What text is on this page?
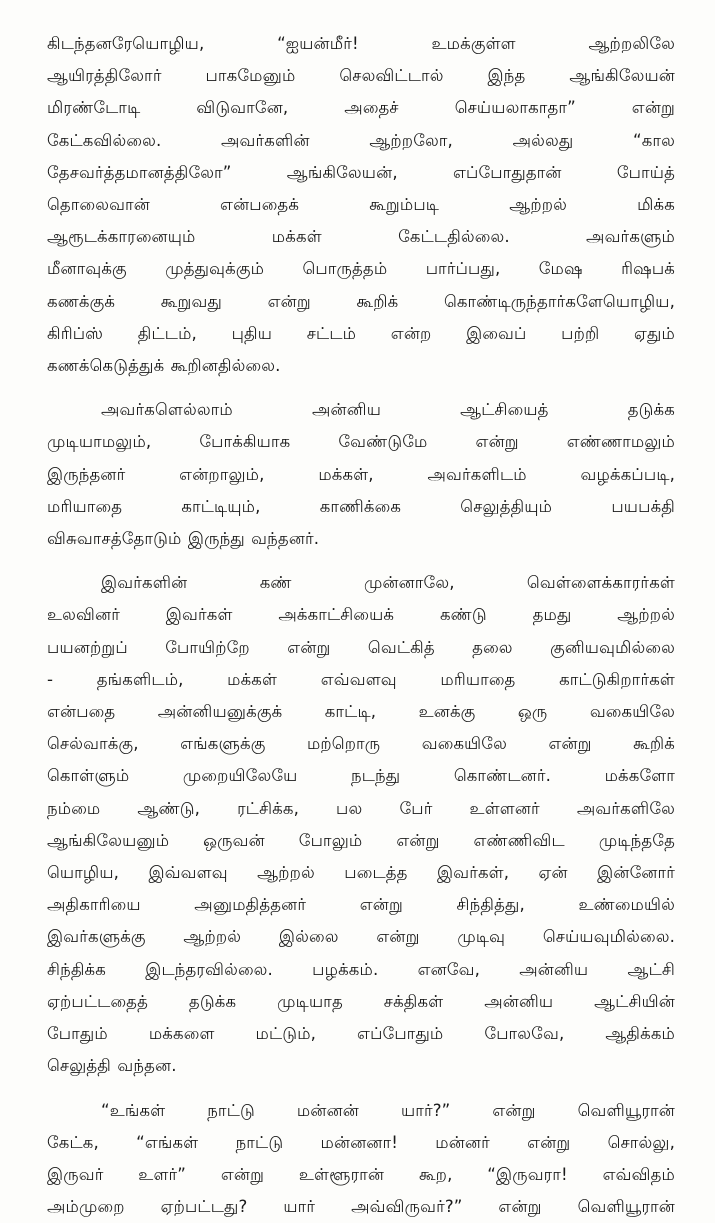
கிடந்தனரேயொழிய, “ஐயன்மீர்! உமக்குள்ள ஆற்றலிலே
ஆயிரத்திலோர் பாகமேனும் செலவிட்டால் இந்த ஆங்கிலேயன்
மிரண்டோடி விடுவானே, அதைச் செய்யலாகாதா” என்று
கேட்கவில்லை. அவர்களின் ஆற்றலோ, அல்லது “கால
தேசவர்த்தமானத்திலோ” ஆங்கிலேயன், எப்போதுதான் போய்த்
தொலைவான் என்பதைக் கூறும்படி ஆற்றல் மிக்க
ஆரூடக்காரனையும் மக்கள் கேட்டதில்லை. அவர்களும்
மீனாவுக்கு முத்துவுக்கும் பொருத்தம் பார்ப்பது, மேஷ ரிஷபக்
கணக்குக் கூறுவது என்று கூறிக் கொண்டிருந்தார்களேயொழிய,
கிரிப்ஸ் திட்டம், புதிய சட்டம் என்ற இவைப் பற்றி ஏதும்
கணக்கெடுத்துக் கூறினதில்லை.

அவர்களெல்லாம் அன்னிய ஆட்சியைத் தடுக்க
முடியாமலும், போக்கியாக வேண்டுமே என்று எண்ணாமலும்
இருந்தனர் என்றாலும், மக்கள், அவர்களிடம் வழக்கப்படி,
மரியாதை காட்டியும், காணிக்கை செலுத்தியும் பயபக்தி
விசுவாசத்தோடும் இருந்து வந்தனர்.

இவர்களின் கண் முன்னாலே, வெள்ளைக்காரர்கள்
உலவினர் இவர்கள் அக்காட்சியைக் கண்டு தமது ஆற்றல்
பயனற்றுப் போயிற்றே என்று வெட்கித் தலை குனியவுமில்லை
- தங்களிடம், மக்கள் எவ்வளவு மரியாதை காட்டுகிறார்கள்
என்பதை அன்னியனுக்குக் காட்டி, உனக்கு ஒரு வகையிலே
செல்வாக்கு, எங்களுக்கு மற்றொரு வகையிலே என்று கூறிக்
கொள்ளும் முறையிலேயே நடந்து கொண்டனர். மக்களோ
நம்மை ஆண்டு, ரட்சிக்க, பல பேர் உள்ளனர் அவர்களிலே
ஆங்கிலேயனும் ஒருவன் போலும் என்று எண்ணிவிட முடிந்ததே
யொழிய, இவ்வளவு ஆற்றல் படைத்த இவர்கள், ஏன் இன்னோர்
அதிகாரியை அனுமதித்தனர் என்று சிந்தித்து, உண்மையில்
இவர்களுக்கு ஆற்றல் இல்லை என்று முடிவு செய்யவுமில்லை.
சிந்திக்க இடந்தரவில்லை. பழக்கம். எனவே, அன்னிய ஆட்சி
ஏற்பட்டதைத் தடுக்க முடியாத சக்திகள் அன்னிய ஆட்சியின்
போதும் மக்களை மட்டும், எப்போதும் போலவே, ஆதிக்கம்
செலுத்தி வந்தன.

“உங்கள் நாட்டு மன்னன் யார்?” என்று வெளியூரான்
கேட்க, “எங்கள் நாட்டு மன்னனா! மன்னர் என்று சொல்லு,
இருவர் உளர்” என்று உள்ளூரான் கூற, “இருவரா! எவ்விதம்
அம்முறை ஏற்பட்டது? யார் அவ்விருவர்?” என்று வெளியூரான்
